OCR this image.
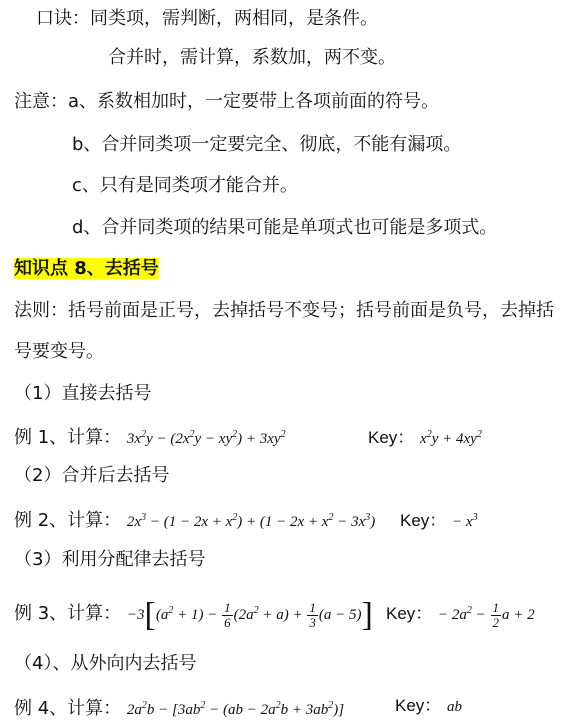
口诀：同类项，需判断，两相同，是条件。
合并时，需计算，系数加，两不变。
注意：a、系数相加时，一定要带上各项前面的符号。
b、合并同类项一定要完全、彻底，不能有漏项。
c、只有是同类项才能合并。
d、合并同类项的结果可能是单项式也可能是多项式。
知识点 8、去括号
法则：括号前面是正号，去掉括号不变号；括号前面是负号，去掉括
号要变号。
（1）直接去括号
例 1、计算： $3x^2y - (2x^2y - xy^2) + 3xy^2$	Key： $x^2y + 4xy^2$
（2）合并后去括号
例 2、计算： $2x^3 - (1 - 2x + x^2) + (1 - 2x + x^2 - 3x^3)$ Key： − $x^3$
（3）利用分配律去括号
例 3、计算： $-3[(a^2 + 1) - \frac{1}{6} (2a^2 + a) + \frac{1}{3} (a - 5)]$ Key： − $2a^2 - \frac{1}{2}$ a + 2
（4）、从外向内去括号
例 4、计算： $2a^2b - [3ab^2 - (ab - 2a^2b + 3ab^2)]$	Key： ab
